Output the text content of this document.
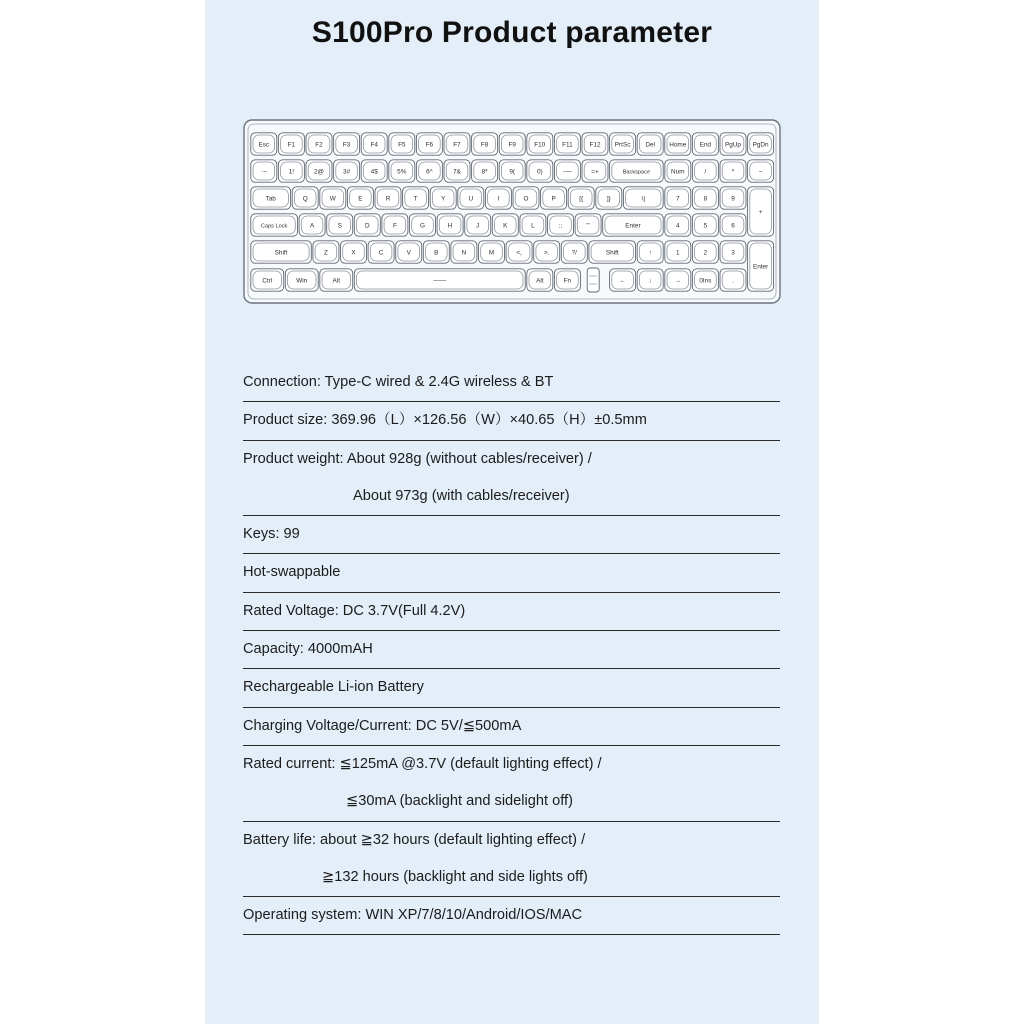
S100Pro Product parameter
Esc	F1	F2	F3	F4	F5	F6	F7	F8	F9	F10	F11	F12 PrtSc Del Home End PgUp PgDn
·~	1!	2@	3#	4$	5%	6^	7&	8*	9(	0)	-—	=+	Backspace	Num	/	*	−
Tab	Q	W	E	R	T	Y	U	I	O	P	[{	]}	\|	7	8	9
+
Caps Lock	A	S	D	F	G	H	J	K	L	:;	"'	Enter	4	5	6
Shift	Z	X	C	V	B	N	M	<,	>.	?/	Shift	↑	1	2	3
Enter
Ctrl	Win	Alt	——	Alt	Fn	←	↓	→	0Ins	.
Connection: Type-C wired & 2.4G wireless & BT
Product size: 369.96（L）×126.56（W）×40.65（H）±0.5mm
Product weight: About 928g (without cables/receiver) /
About 973g (with cables/receiver)
Keys: 99
Hot-swappable
Rated Voltage: DC 3.7V(Full 4.2V)
Capacity: 4000mAH
Rechargeable Li-ion Battery
Charging Voltage/Current: DC 5V/≦500mA
Rated current: ≦125mA @3.7V (default lighting effect) /
≦30mA (backlight and sidelight off)
Battery life: about ≧32 hours (default lighting effect) /
≧132 hours (backlight and side lights off)
Operating system: WIN XP/7/8/10/Android/IOS/MAC
